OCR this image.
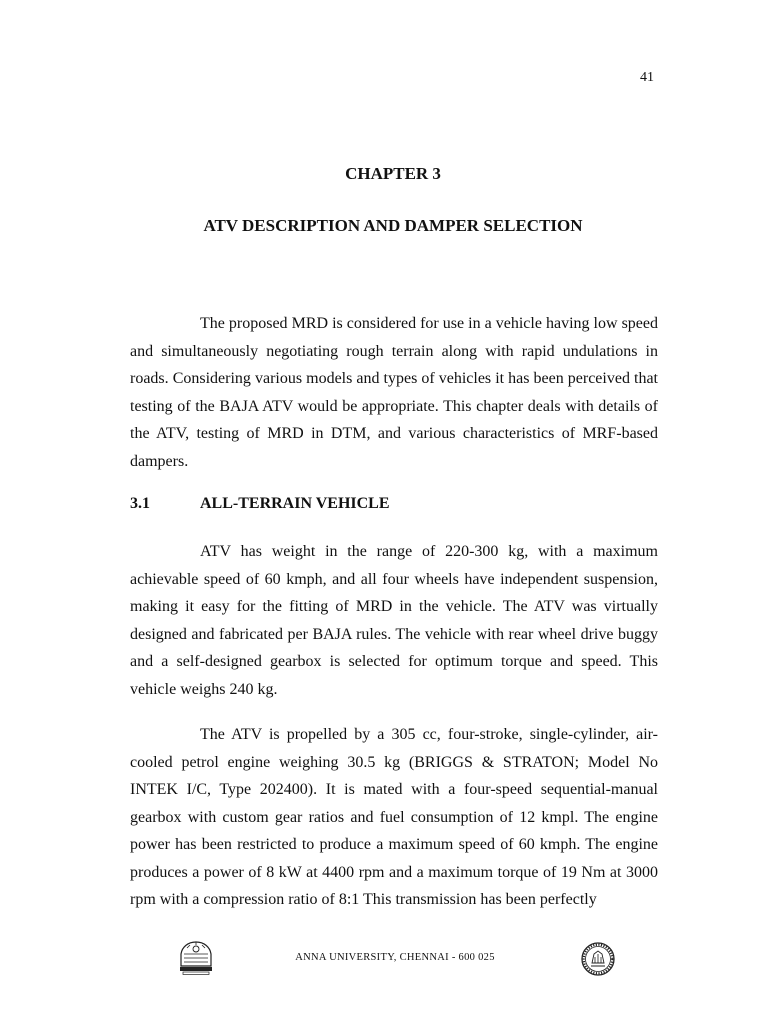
41
CHAPTER 3
ATV DESCRIPTION AND DAMPER SELECTION

The proposed MRD is considered for use in a vehicle having low speed and simultaneously negotiating rough terrain along with rapid undulations in roads. Considering various models and types of vehicles it has been perceived that testing of the BAJA ATV would be appropriate. This chapter deals with details of the ATV, testing of MRD in DTM, and various characteristics of MRF-based dampers.

3.1	ALL-TERRAIN VEHICLE

ATV has weight in the range of 220-300 kg, with a maximum achievable speed of 60 kmph, and all four wheels have independent suspension, making it easy for the fitting of MRD in the vehicle. The ATV was virtually designed and fabricated per BAJA rules. The vehicle with rear wheel drive buggy and a self-designed gearbox is selected for optimum torque and speed. This vehicle weighs 240 kg.

The ATV is propelled by a 305 cc, four-stroke, single-cylinder, air-cooled petrol engine weighing 30.5 kg (BRIGGS & STRATON; Model No INTEK I/C, Type 202400). It is mated with a four-speed sequential-manual gearbox with custom gear ratios and fuel consumption of 12 kmpl. The engine power has been restricted to produce a maximum speed of 60 kmph. The engine produces a power of 8 kW at 4400 rpm and a maximum torque of 19 Nm at 3000 rpm with a compression ratio of 8:1 This transmission has been perfectly

ANNA UNIVERSITY, CHENNAI - 600 025
